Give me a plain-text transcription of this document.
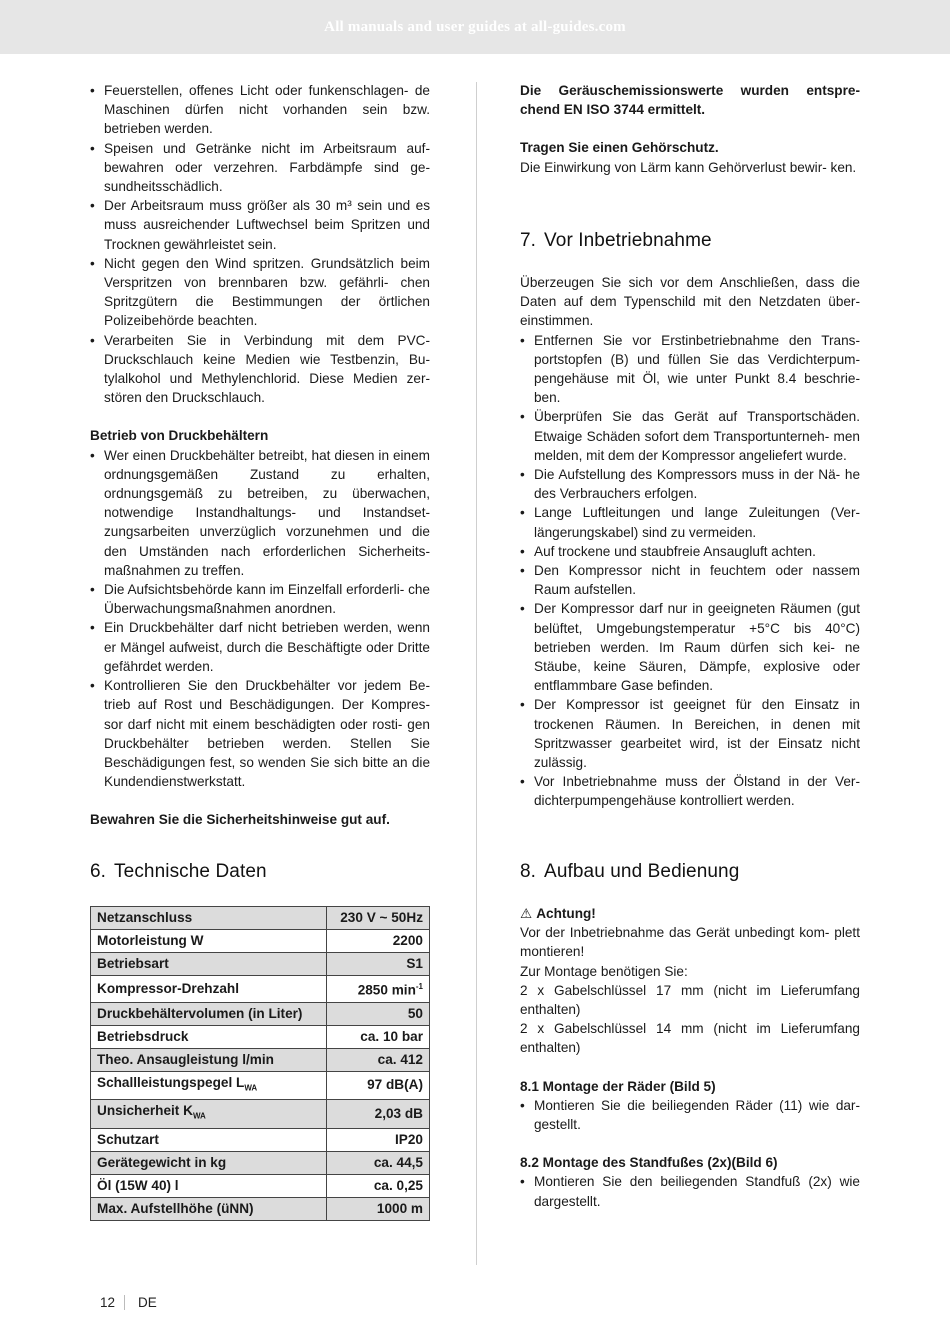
All manuals and user guides at all-guides.com
• Feuerstellen, offenes Licht oder funkenschlagen- de Maschinen dürfen nicht vorhanden sein bzw. betrieben werden.
• Speisen und Getränke nicht im Arbeitsraum auf- bewahren oder verzehren. Farbdämpfe sind ge- sundheitsschädlich.
• Der Arbeitsraum muss größer als 30 m³ sein und es muss ausreichender Luftwechsel beim Spritzen und Trocknen gewährleistet sein.
• Nicht gegen den Wind spritzen. Grundsätzlich beim Verspritzen von brennbaren bzw. gefährli- chen Spritzgütern die Bestimmungen der örtlichen Polizeibehörde beachten.
• Verarbeiten Sie in Verbindung mit dem PVC- Druckschlauch keine Medien wie Testbenzin, Bu- tylalkohol und Methylenchlorid. Diese Medien zer- stören den Druckschlauch.

Betrieb von Druckbehältern

• Wer einen Druckbehälter betreibt, hat diesen in einem ordnungsgemäßen Zustand zu erhalten, ordnungsgemäß zu betreiben, zu überwachen, notwendige Instandhaltungs- und Instandset- zungsarbeiten unverzüglich vorzunehmen und die den Umständen nach erforderlichen Sicherheits- maßnahmen zu treffen.
• Die Aufsichtsbehörde kann im Einzelfall erforderli- che Überwachungsmaßnahmen anordnen.
• Ein Druckbehälter darf nicht betrieben werden, wenn er Mängel aufweist, durch die Beschäftigte oder Dritte gefährdet werden.
• Kontrollieren Sie den Druckbehälter vor jedem Be- trieb auf Rost und Beschädigungen. Der Kompres- sor darf nicht mit einem beschädigten oder rosti- gen Druckbehälter betrieben werden. Stellen Sie Beschädigungen fest, so wenden Sie sich bitte an die Kundendienstwerkstatt.

Bewahren Sie die Sicherheitshinweise gut auf.

6. Technische Daten
Netzanschluss	230 V ~ 50Hz
Motorleistung W	2200
Betriebsart	S1
Kompressor-Drehzahl	2850 $\min^{-1}$
Druckbehältervolumen (in Liter)	50
Betriebsdruck	ca. 10 bar
Theo. Ansaugleistung l/min	ca. 412
Schallleistungspegel $L_{WA}$	97 dB(A)
Unsicherheit $K_{WA}$	2,03 dB
Schutzart	IP20
Gerätegewicht in kg	ca. 44,5
Öl (15W 40) l	ca. 0,25
Max. Aufstellhöhe (üNN)	1000 m

Die Geräuschemissionswerte wurden entspre- chend EN ISO 3744 ermittelt.

Tragen Sie einen Gehörschutz.

Die Einwirkung von Lärm kann Gehörverlust bewir- ken.

7. Vor Inbetriebnahme

Überzeugen Sie sich vor dem Anschließen, dass die Daten auf dem Typenschild mit den Netzdaten über- einstimmen.

• Entfernen Sie vor Erstinbetriebnahme den Trans- portstopfen (B) und füllen Sie das Verdichterpum- pengehäuse mit Öl, wie unter Punkt 8.4 beschrie- ben.
• Überprüfen Sie das Gerät auf Transportschäden. Etwaige Schäden sofort dem Transportunterneh- men melden, mit dem der Kompressor angeliefert wurde.
• Die Aufstellung des Kompressors muss in der Nä- he des Verbrauchers erfolgen.
• Lange Luftleitungen und lange Zuleitungen (Ver- längerungskabel) sind zu vermeiden.
• Auf trockene und staubfreie Ansaugluft achten.
• Den Kompressor nicht in feuchtem oder nassem Raum aufstellen.
• Der Kompressor darf nur in geeigneten Räumen (gut belüftet, Umgebungstemperatur +5°C bis 40°C) betrieben werden. Im Raum dürfen sich kei- ne Stäube, keine Säuren, Dämpfe, explosive oder entflammbare Gase befinden.
• Der Kompressor ist geeignet für den Einsatz in trockenen Räumen. In Bereichen, in denen mit Spritzwasser gearbeitet wird, ist der Einsatz nicht zulässig.
• Vor Inbetriebnahme muss der Ölstand in der Ver- dichterpumpengehäuse kontrolliert werden.
8. Aufbau und Bedienung

⚠ Achtung!

Vor der Inbetriebnahme das Gerät unbedingt kom- plett montieren!

Zur Montage benötigen Sie:

2 x Gabelschlüssel 17 mm (nicht im Lieferumfang enthalten)

2 x Gabelschlüssel 14 mm (nicht im Lieferumfang enthalten)

8.1 Montage der Räder (Bild 5)

• Montieren Sie die beiliegenden Räder (11) wie dar- gestellt.

8.2 Montage des Standfußes (2x)(Bild 6)

• Montieren Sie den beiliegenden Standfuß (2x) wie dargestellt.
12 DE
